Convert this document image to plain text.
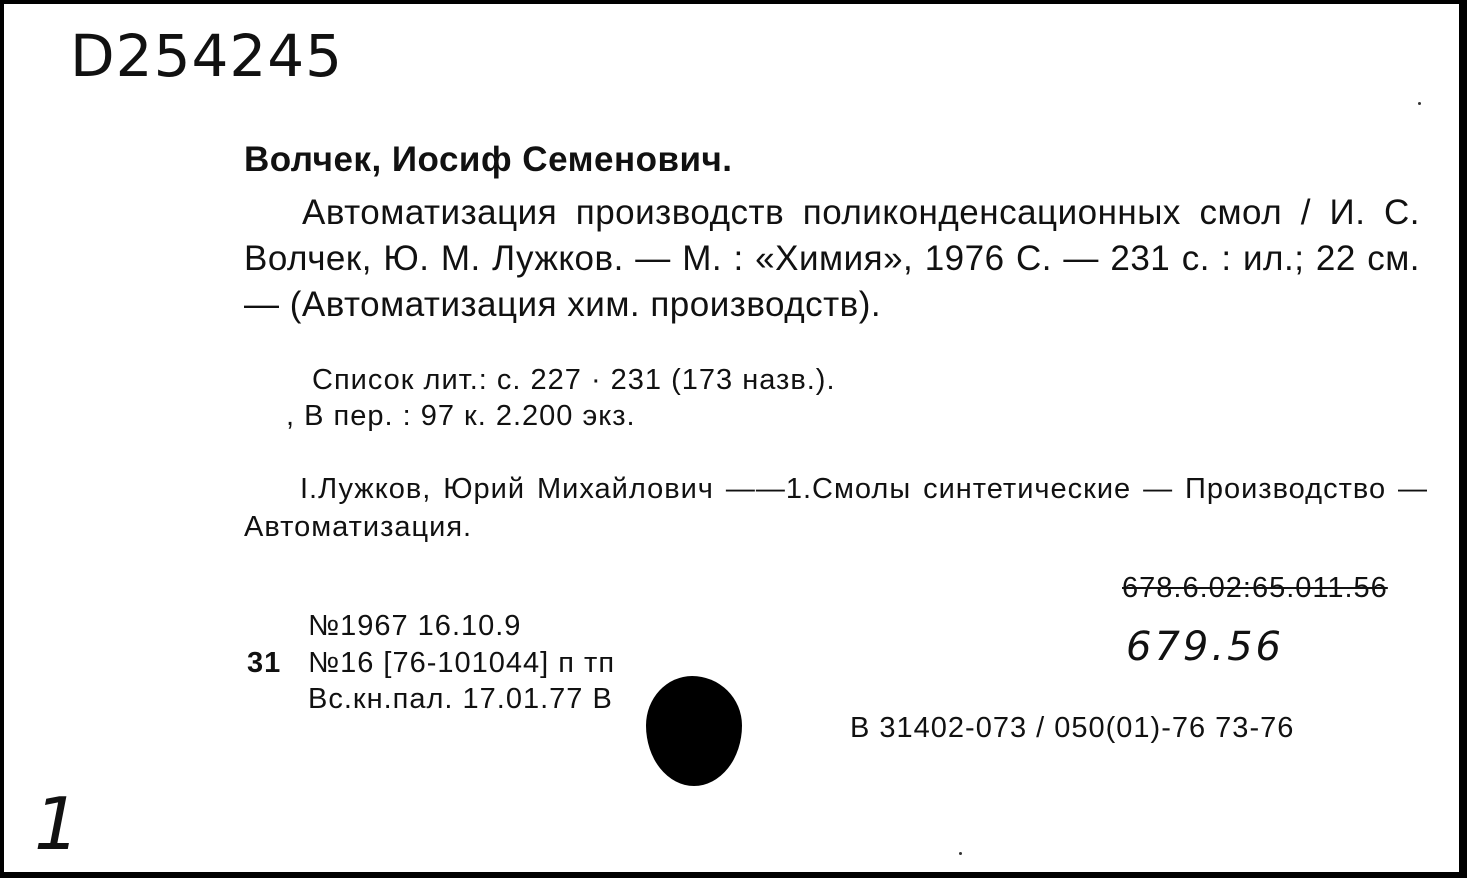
D254245
Волчек, Иосиф Семенович.
Автоматизация производств поликонденсационных смол / И. С. Волчек, Ю. М. Лужков. — М. : «Химия», 1976 С. — 231 с. : ил.; 22 см.— (Автоматизация хим. производств).
Список лит.: с. 227 · 231 (173 назв.).
, В пер. : 97 к. 2.200 экз.
I.Лужков, Юрий Михайлович ——1.Смолы синтетические — Производство — Автоматизация.
678.6.02:65.011.56
679.56
№1967 16.10.9
31 №16 [76-101044] п тп
Вс.кн.пал. 17.01.77 В
В 31402-073 / 050(01)-76 73-76
1
